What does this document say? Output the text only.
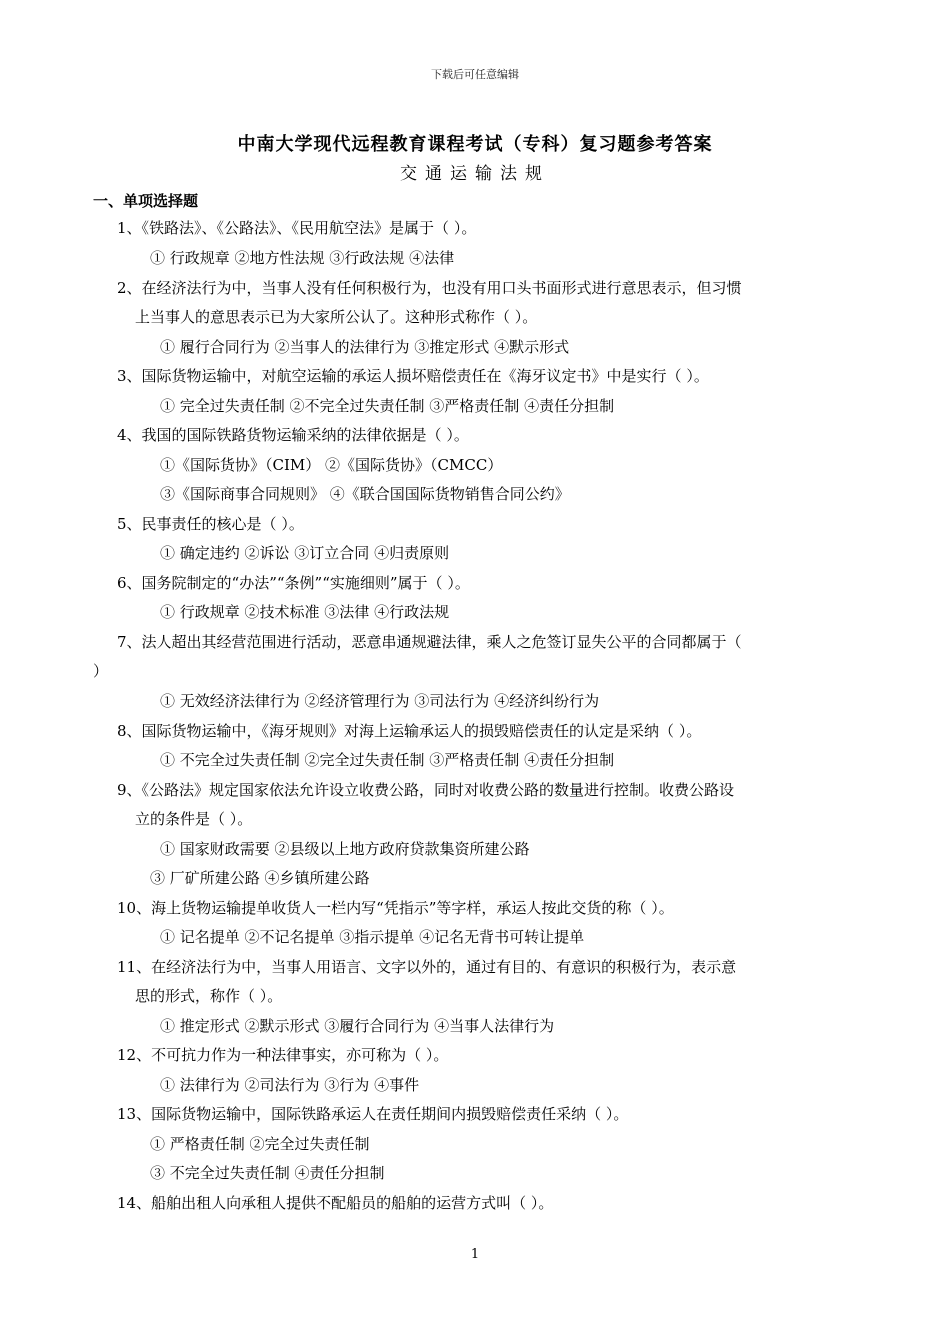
下载后可任意编辑
中南大学现代远程教育课程考试（专科）复习题参考答案
交通运输法规
一、单项选择题
1、《铁路法》、《公路法》、《民用航空法》是属于（ ）。
① 行政规章 ②地方性法规 ③行政法规 ④法律
2、在经济法行为中，当事人没有任何积极行为，也没有用口头书面形式进行意思表示，但习惯
上当事人的意思表示已为大家所公认了。这种形式称作（ ）。
① 履行合同行为 ②当事人的法律行为 ③推定形式 ④默示形式
3、国际货物运输中，对航空运输的承运人损坏赔偿责任在《海牙议定书》中是实行（ ）。
① 完全过失责任制 ②不完全过失责任制 ③严格责任制 ④责任分担制
4、我国的国际铁路货物运输采纳的法律依据是（ ）。
①《国际货协》（CIM） ②《国际货协》（CMCC）
③《国际商事合同规则》 ④《联合国国际货物销售合同公约》
5、民事责任的核心是（ ）。
① 确定违约 ②诉讼 ③订立合同 ④归责原则
6、国务院制定的“办法”“条例”“实施细则”属于（ ）。
① 行政规章 ②技术标准 ③法律 ④行政法规
7、法人超出其经营范围进行活动，恶意串通规避法律，乘人之危签订显失公平的合同都属于（
）
① 无效经济法律行为 ②经济管理行为 ③司法行为 ④经济纠纷行为
8、国际货物运输中，《海牙规则》对海上运输承运人的损毁赔偿责任的认定是采纳（ ）。
① 不完全过失责任制 ②完全过失责任制 ③严格责任制 ④责任分担制
9、《公路法》规定国家依法允许设立收费公路，同时对收费公路的数量进行控制。收费公路设
立的条件是（ ）。
① 国家财政需要 ②县级以上地方政府贷款集资所建公路
③ 厂矿所建公路 ④乡镇所建公路
10、海上货物运输提单收货人一栏内写“凭指示”等字样，承运人按此交货的称（ ）。
① 记名提单 ②不记名提单 ③指示提单 ④记名无背书可转让提单
11、在经济法行为中，当事人用语言、文字以外的，通过有目的、有意识的积极行为，表示意
思的形式，称作（ ）。
① 推定形式 ②默示形式 ③履行合同行为 ④当事人法律行为
12、不可抗力作为一种法律事实，亦可称为（ ）。
① 法律行为 ②司法行为 ③行为 ④事件
13、国际货物运输中，国际铁路承运人在责任期间内损毁赔偿责任采纳（ ）。
① 严格责任制 ②完全过失责任制
③ 不完全过失责任制 ④责任分担制
14、船舶出租人向承租人提供不配船员的船舶的运营方式叫（ ）。
1
